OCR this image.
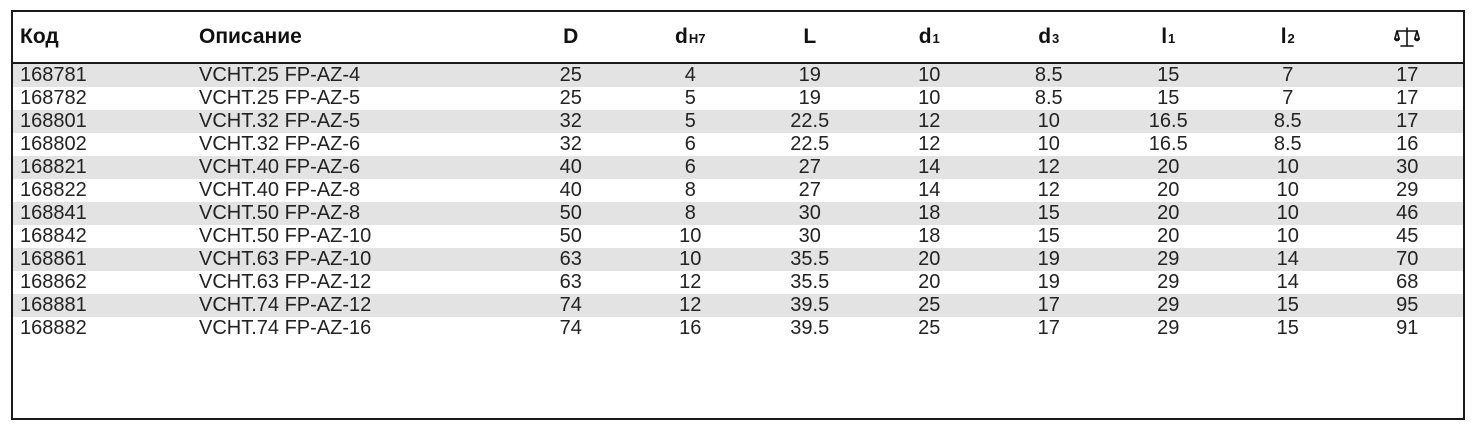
Код	Описание	D	dH7	L	d1	d3	l1	l2	
168781	VCHT.25 FP-AZ-4	25	4	19	10	8.5	15	7	17
168782	VCHT.25 FP-AZ-5	25	5	19	10	8.5	15	7	17
168801	VCHT.32 FP-AZ-5	32	5	22.5	12	10	16.5	8.5	17
168802	VCHT.32 FP-AZ-6	32	6	22.5	12	10	16.5	8.5	16
168821	VCHT.40 FP-AZ-6	40	6	27	14	12	20	10	30
168822	VCHT.40 FP-AZ-8	40	8	27	14	12	20	10	29
168841	VCHT.50 FP-AZ-8	50	8	30	18	15	20	10	46
168842	VCHT.50 FP-AZ-10	50	10	30	18	15	20	10	45
168861	VCHT.63 FP-AZ-10	63	10	35.5	20	19	29	14	70
168862	VCHT.63 FP-AZ-12	63	12	35.5	20	19	29	14	68
168881	VCHT.74 FP-AZ-12	74	12	39.5	25	17	29	15	95
168882	VCHT.74 FP-AZ-16	74	16	39.5	25	17	29	15	91
